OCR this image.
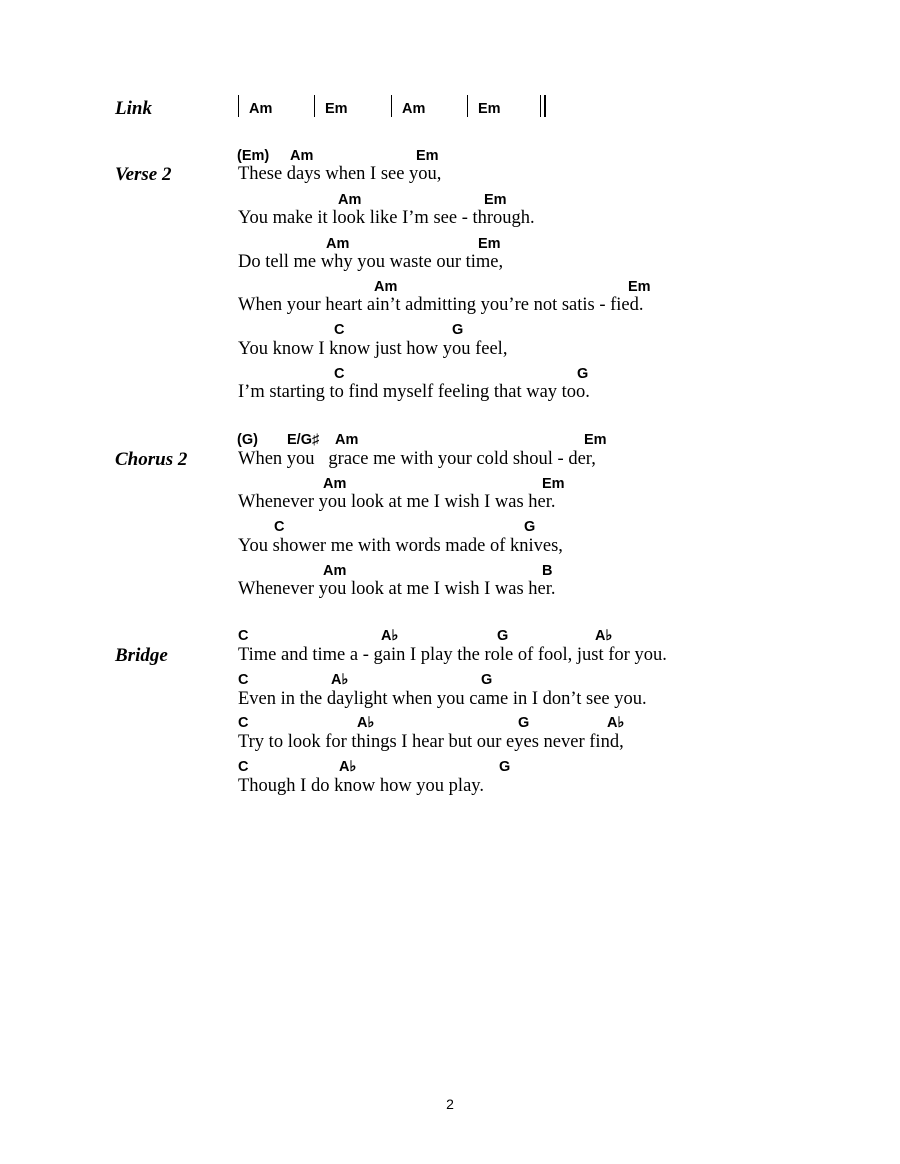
Link	Am	Em	Am	Em
Verse 2
(Em) Am	Em
These days when I see you,
Am	Em
You make it look like I’m see - through.
Am	Em
Do tell me why you waste our time,
Am	Em
When your heart ain’t admitting you’re not satis - fied.
C	G
You know I know just how you feel,
C	G
I’m starting to find myself feeling that way too.
Chorus 2
(G) E/G♯ Am	Em
When you   grace me with your cold shoul - der,
Am	Em
Whenever you look at me I wish I was her.
C	G
You shower me with words made of knives,
Am	B
Whenever you look at me I wish I was her.
Bridge
C	A♭	G	A♭
Time and time a - gain I play the role of fool, just for you.
C	A♭	G
Even in the daylight when you came in I don’t see you.
C	A♭	G	A♭
Try to look for things I hear but our eyes never find,
C	A♭	G
Though I do know how you play.
2
